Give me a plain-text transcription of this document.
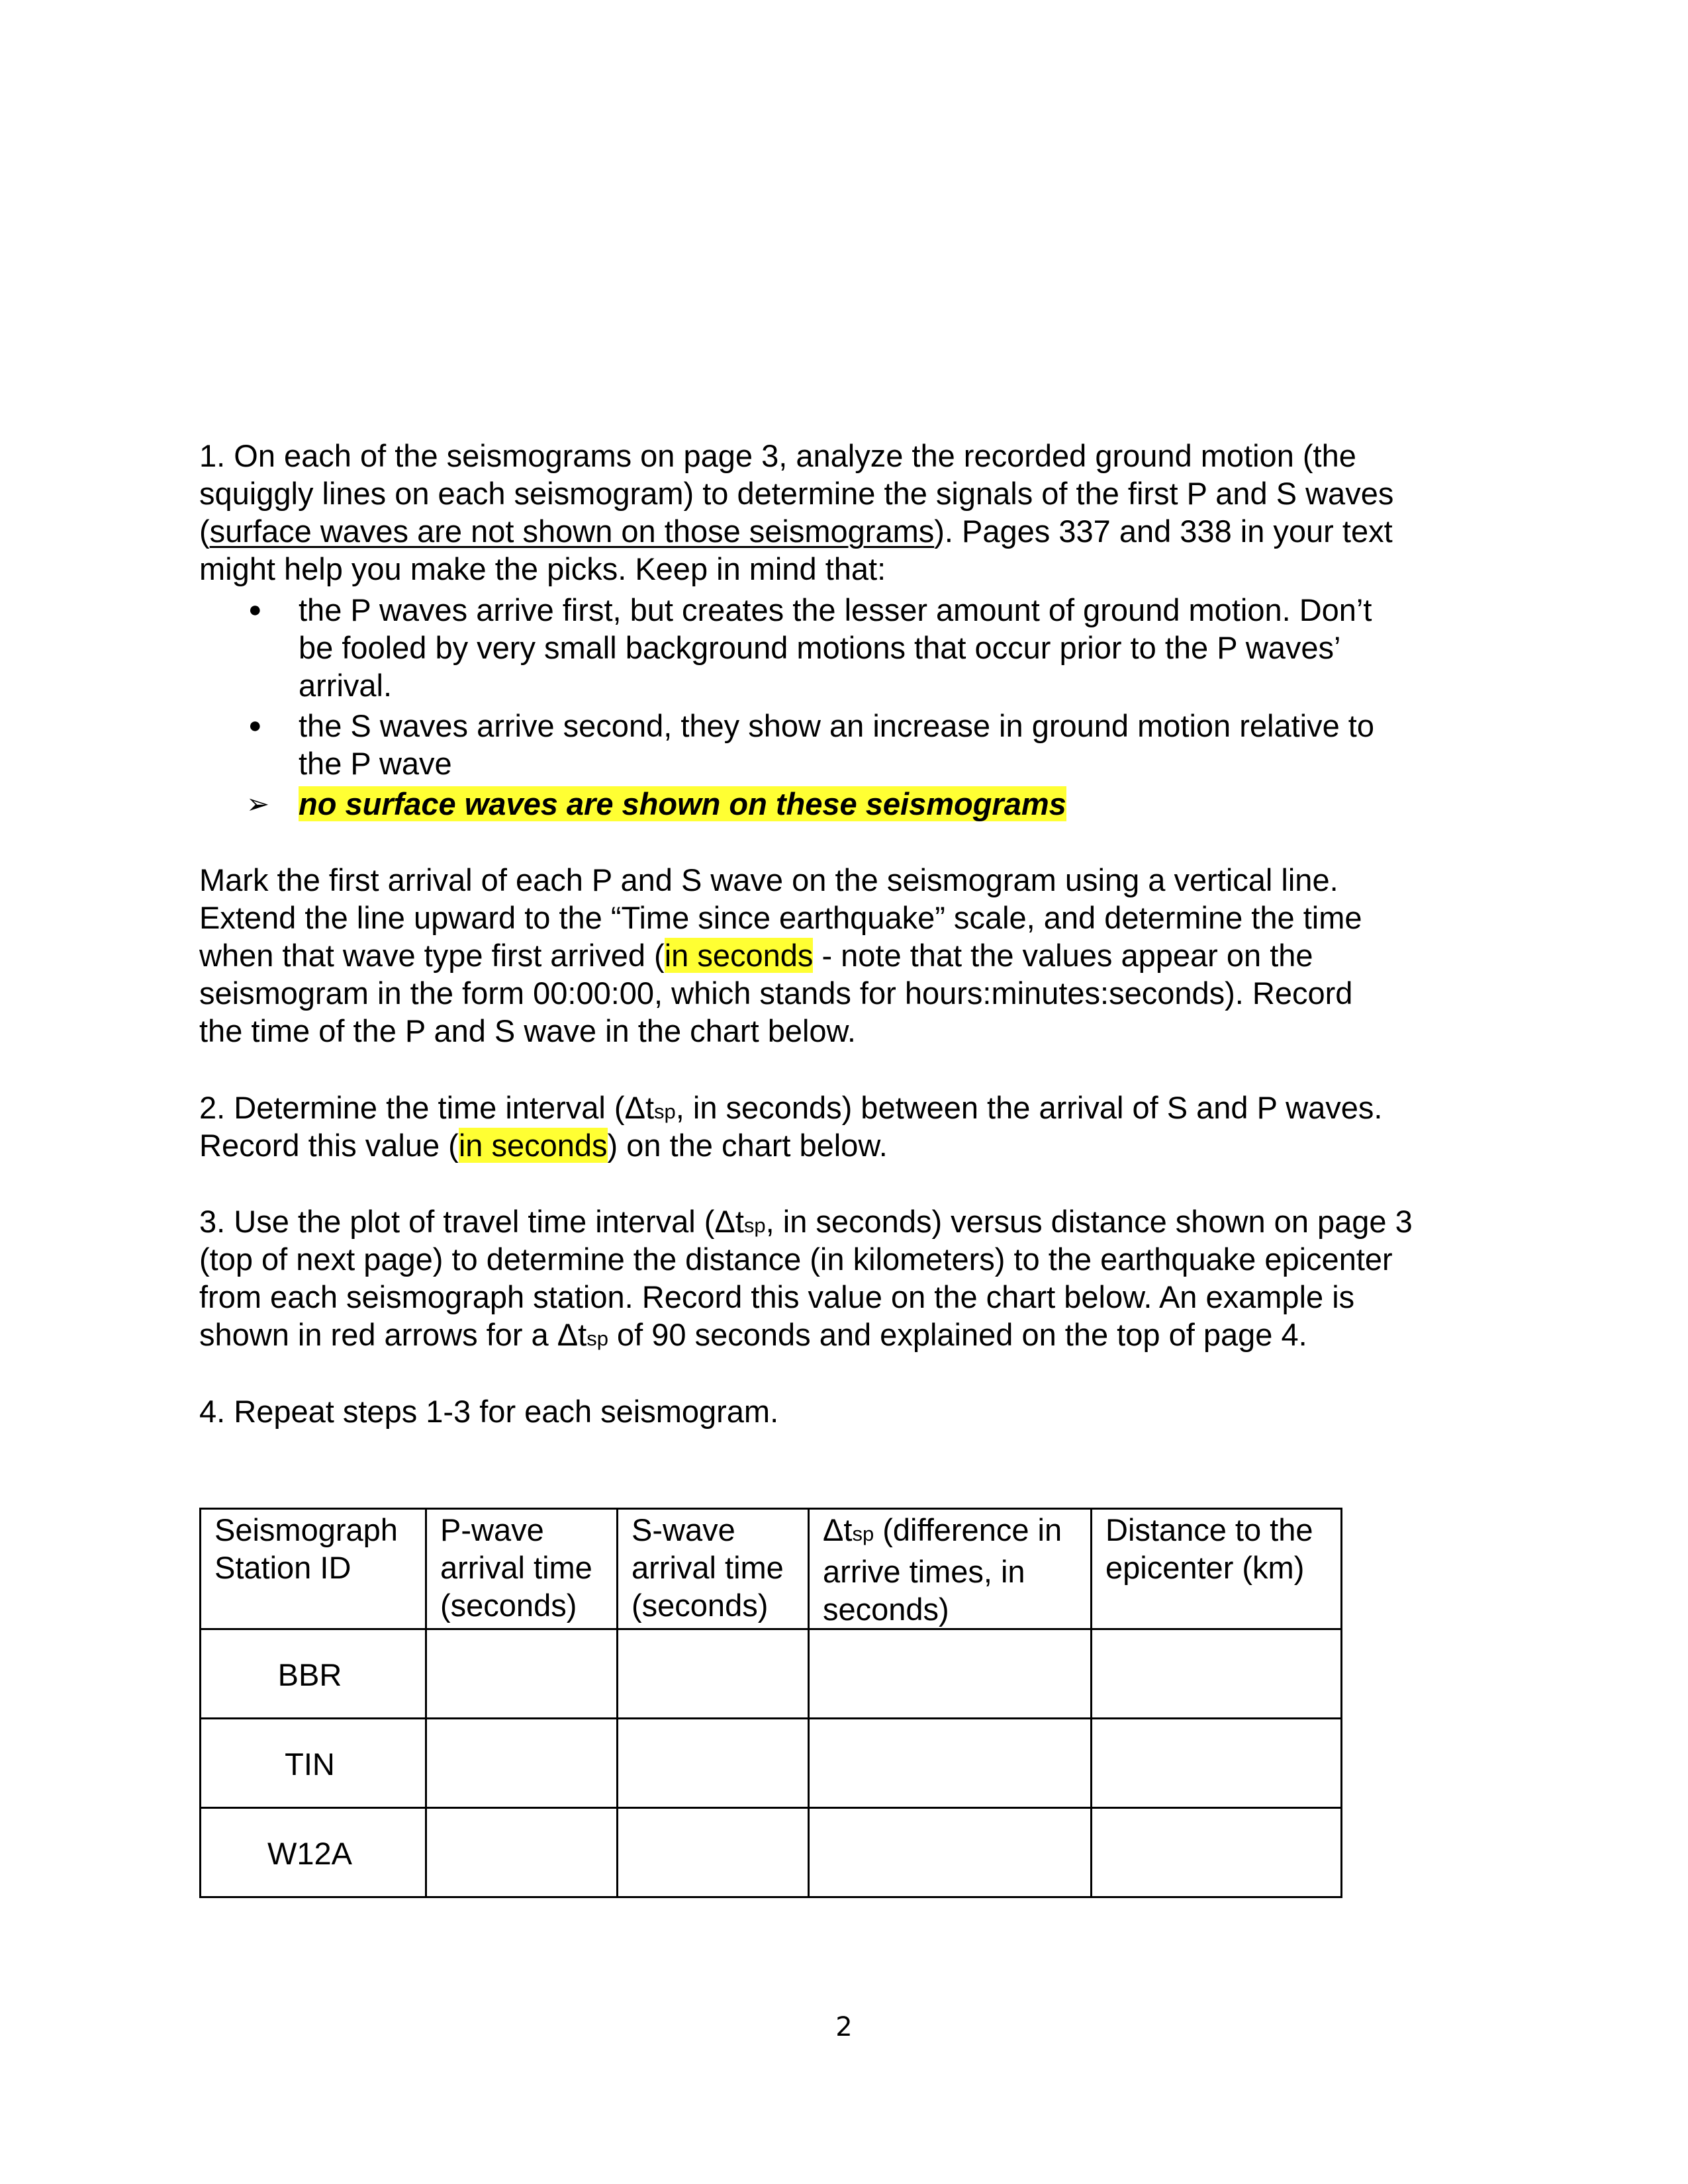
1. On each of the seismograms on page 3, analyze the recorded ground motion (the
squiggly lines on each seismogram) to determine the signals of the first P and S waves
(surface waves are not shown on those seismograms). Pages 337 and 338 in your text
might help you make the picks. Keep in mind that:
● the P waves arrive first, but creates the lesser amount of ground motion. Don’t
be fooled by very small background motions that occur prior to the P waves’
arrival.
● the S waves arrive second, they show an increase in ground motion relative to
the P wave
➢ no surface waves are shown on these seismograms
Mark the first arrival of each P and S wave on the seismogram using a vertical line.
Extend the line upward to the “Time since earthquake” scale, and determine the time
when that wave type first arrived (in seconds - note that the values appear on the
seismogram in the form 00:00:00, which stands for hours:minutes:seconds). Record
the time of the P and S wave in the chart below.
2. Determine the time interval (Δtsp, in seconds) between the arrival of S and P waves.
Record this value (in seconds) on the chart below.
3. Use the plot of travel time interval (Δtsp, in seconds) versus distance shown on page 3
(top of next page) to determine the distance (in kilometers) to the earthquake epicenter
from each seismograph station. Record this value on the chart below. An example is
shown in red arrows for a Δtsp of 90 seconds and explained on the top of page 4.
4. Repeat steps 1-3 for each seismogram.
Seismograph
Station ID	P-wave
arrival time
(seconds)	S-wave
arrival time
(seconds)	Δtsp (difference in
arrive times, in
seconds)	Distance to the
epicenter (km)

BBR				

TIN				

W12A				

2
